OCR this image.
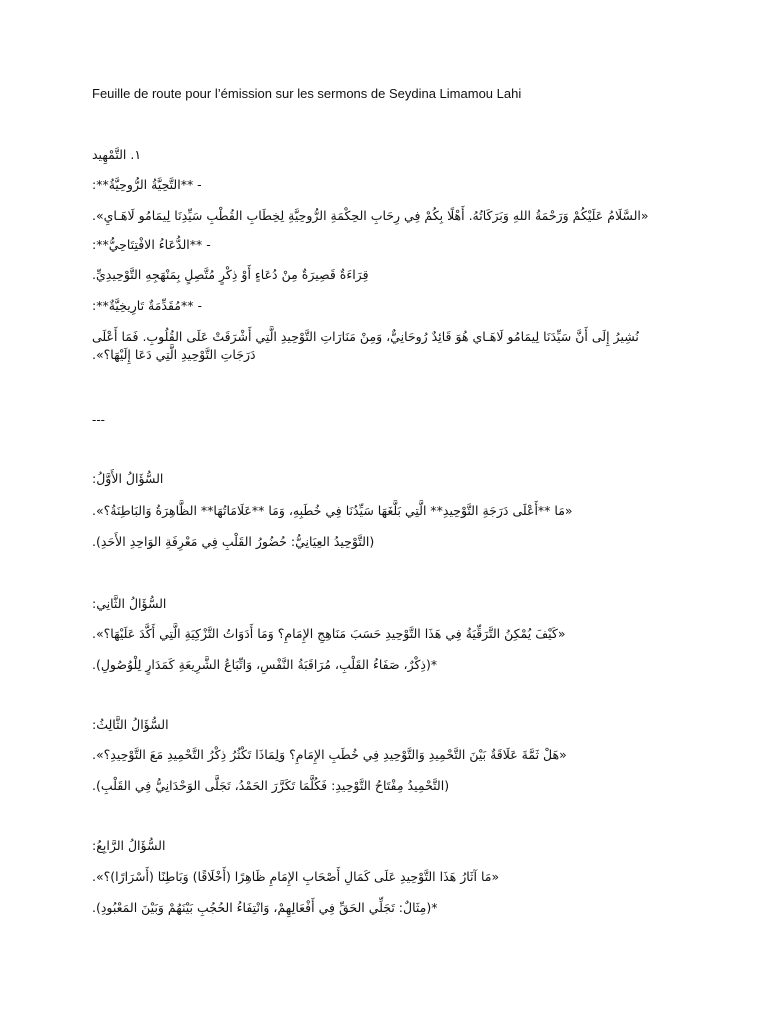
Feuille de route pour l’émission sur les sermons de Seydina Limamou Lahi
١. التَّمْهِيد
- **التَّحِيَّةُ الرُّوحِيَّةُ**:
«السَّلَامُ عَلَيْكُمْ وَرَحْمَةُ اللهِ وَبَرَكَاتُهُ. أَهْلًا بِكُمْ فِي رِحَابِ الحِكْمَةِ الرُّوحِيَّةِ لِخِطَابِ القُطْبِ سَيِّدِنَا لِيمَامُو لَاهَـايِ».
- **الدُّعَاءُ الافْتِتَاحِيُّ**:
قِرَاءَةٌ قَصِيرَةٌ مِنْ دُعَاءٍ أَوْ ذِكْرٍ مُتَّصِلٍ بِمَنْهَجِهِ التَّوْحِيدِيِّ.
- **مُقَدِّمَةٌ تَارِيخِيَّةٌ**:
نُشِيرُ إِلَى أَنَّ سَيِّدَنَا لِيمَامُو لَاهَـاي هُوَ قَائِدٌ رُوحَانِيٌّ، وَمِنْ مَنَارَاتِ التَّوْحِيدِ الَّتِي أَشْرَقَتْ عَلَى القُلُوبِ. فَمَا أَعْلَى دَرَجَاتِ التَّوْحِيدِ الَّتِي دَعَا إِلَيْهَا؟».
---
السُّؤَالُ الأَوَّلُ:
«مَا **أَعْلَى دَرَجَةِ التَّوْحِيدِ** الَّتِي بَلَّغَهَا سَيِّدُنَا فِي خُطَبِهِ، وَمَا **عَلَامَاتُهَا** الظَّاهِرَةُ وَالبَاطِنَةُ؟».
(التَّوْحِيدُ العِيَانِيُّ: حُضُورُ القَلْبِ فِي مَعْرِفَةِ الوَاحِدِ الأَحَدِ).
السُّؤَالُ الثَّانِي:
«كَيْفَ يُمْكِنُ التَّرَقِّيَةُ فِي هَذَا التَّوْحِيدِ حَسَبَ مَنَاهِجِ الإِمَامِ؟ وَمَا أَدَوَاتُ التَّزْكِيَةِ الَّتِي أَكَّدَ عَلَيْهَا؟».
*(ذِكْرٌ، صَفَاءُ القَلْبِ، مُرَاقَبَةُ النَّفْسِ، وَاتِّبَاعُ الشَّرِيعَةِ كَمَدَارٍ لِلْوُصُولِ).
السُّؤَالُ الثَّالِثُ:
«هَلْ ثَمَّةَ عَلَاقَةٌ بَيْنَ التَّحْمِيدِ وَالتَّوْحِيدِ فِي خُطَبِ الإِمَامِ؟ وَلِمَاذَا تَكْثُرُ ذِكْرُ التَّحْمِيدِ مَعَ التَّوْحِيدِ؟».
(التَّحْمِيدُ مِفْتَاحُ التَّوْحِيدِ: فَكُلَّمَا تَكَرَّرَ الحَمْدُ، تَجَلَّى الوَحْدَانِيُّ فِي القَلْبِ).
السُّؤَالُ الرَّابِعُ:
«مَا آثَارُ هَذَا التَّوْحِيدِ عَلَى كَمَالِ أَصْحَابِ الإِمَامِ ظَاهِرًا (أَخْلَاقًا) وَبَاطِنًا (أَسْرَارًا)؟».
*(مِثَالٌ: تَجَلِّي الحَقِّ فِي أَفْعَالِهِمْ، وَانْتِفَاءُ الحُجُبِ بَيْنَهُمْ وَبَيْنَ المَعْبُودِ).
